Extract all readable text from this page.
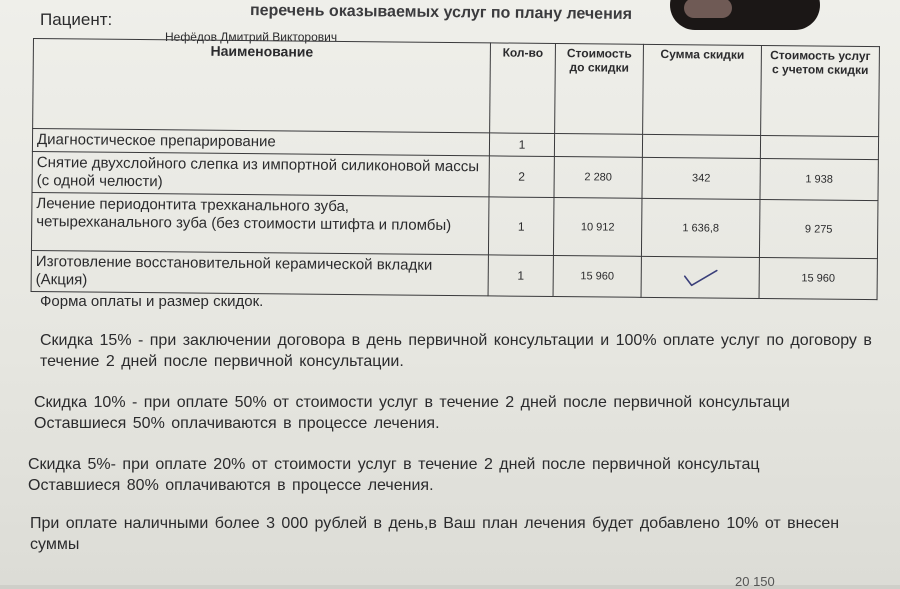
перечень оказываемых услуг по плану лечения
Пациент:
Нефёдов Дмитрий Викторович
Наименование	Кол-во	Стоимость до скидки	Сумма скидки	Стоимость услуг с учетом скидки
Диагностическое препарирование	1			
Снятие двухслойного слепка из импортной силиконовой массы (с одной челюсти)	2	2 280	342	1 938
Лечение периодонтита трехканального зуба, четырехканального зуба (без стоимости штифта и пломбы)	1	10 912	1 636,8	9 275
Изготовление восстановительной керамической вкладки (Акция)	1	15 960		15 960
Форма оплаты и размер скидок.
Скидка 15% - при заключении договора в день первичной консультации и 100% оплате услуг по договору в
течение 2 дней после первичной консультации.
Скидка 10% - при оплате 50% от стоимости услуг в течение 2 дней после первичной консультаци
Оставшиеся 50% оплачиваются в процессе лечения.
Скидка 5%- при оплате 20% от стоимости услуг в течение 2 дней после первичной консультац
Оставшиеся 80% оплачиваются в процессе лечения.
При оплате наличными более 3 000 рублей в день,в Ваш план лечения будет добавлено 10% от внесен
суммы
20 150
